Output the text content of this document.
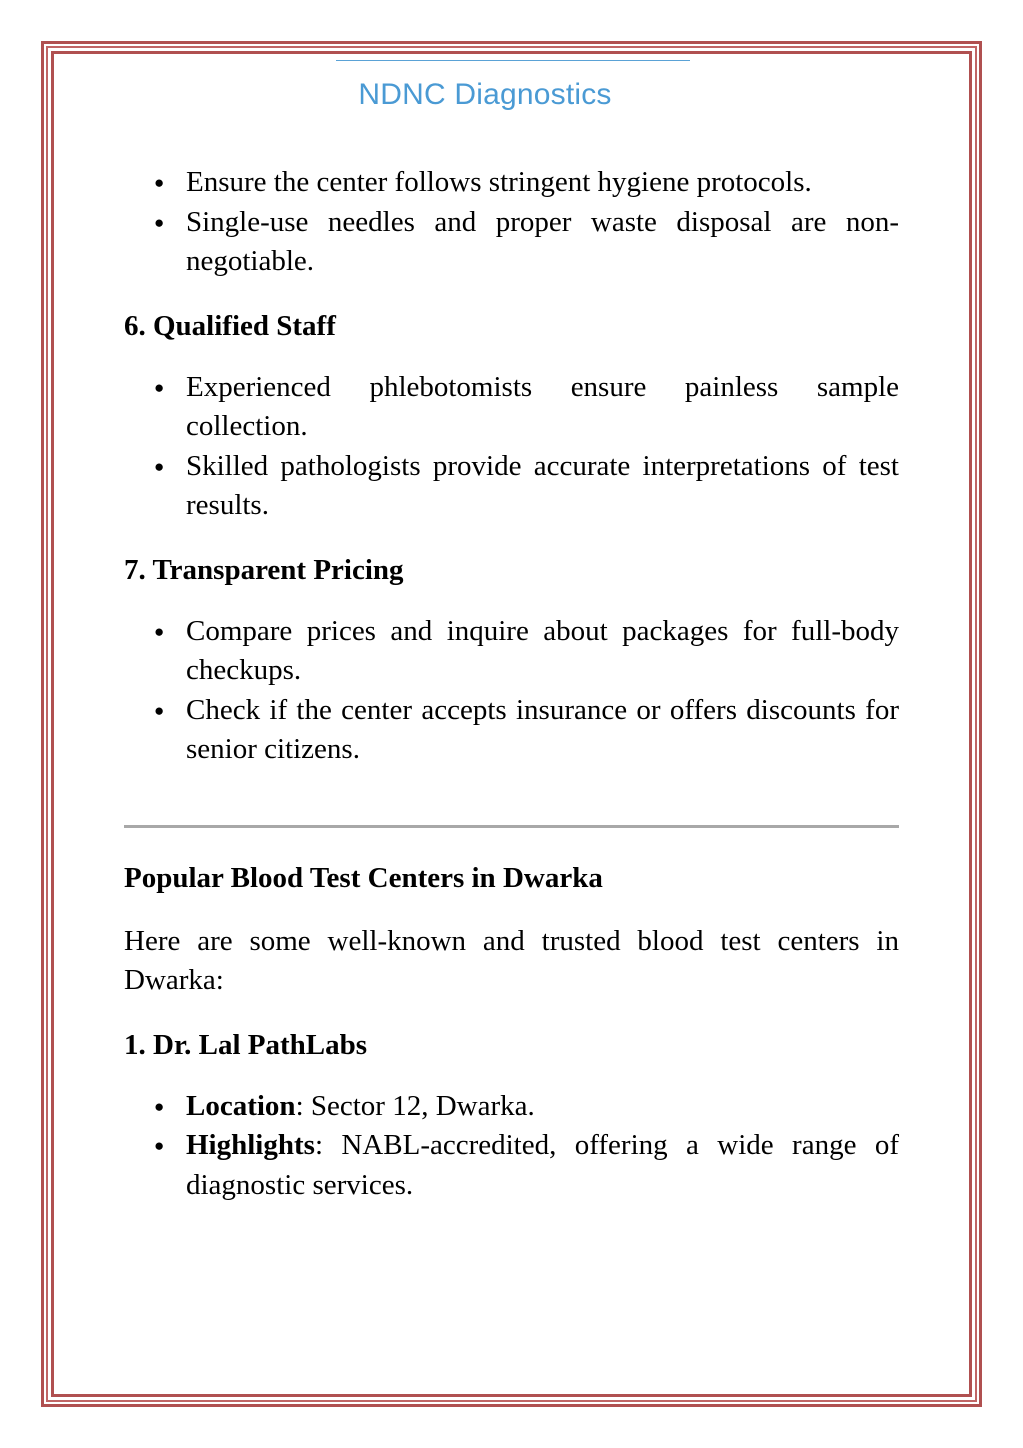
NDNC Diagnostics
● Ensure the center follows stringent hygiene protocols.
● Single-use needles and proper waste disposal are non-negotiable.
6. Qualified Staff
● Experienced phlebotomists ensure painless sample collection.
● Skilled pathologists provide accurate interpretations of test results.
7. Transparent Pricing
● Compare prices and inquire about packages for full-body checkups.
● Check if the center accepts insurance or offers discounts for senior citizens.
Popular Blood Test Centers in Dwarka

Here are some well-known and trusted blood test centers in Dwarka:

1. Dr. Lal PathLabs
● Location: Sector 12, Dwarka.
● Highlights: NABL-accredited, offering a wide range of diagnostic services.
